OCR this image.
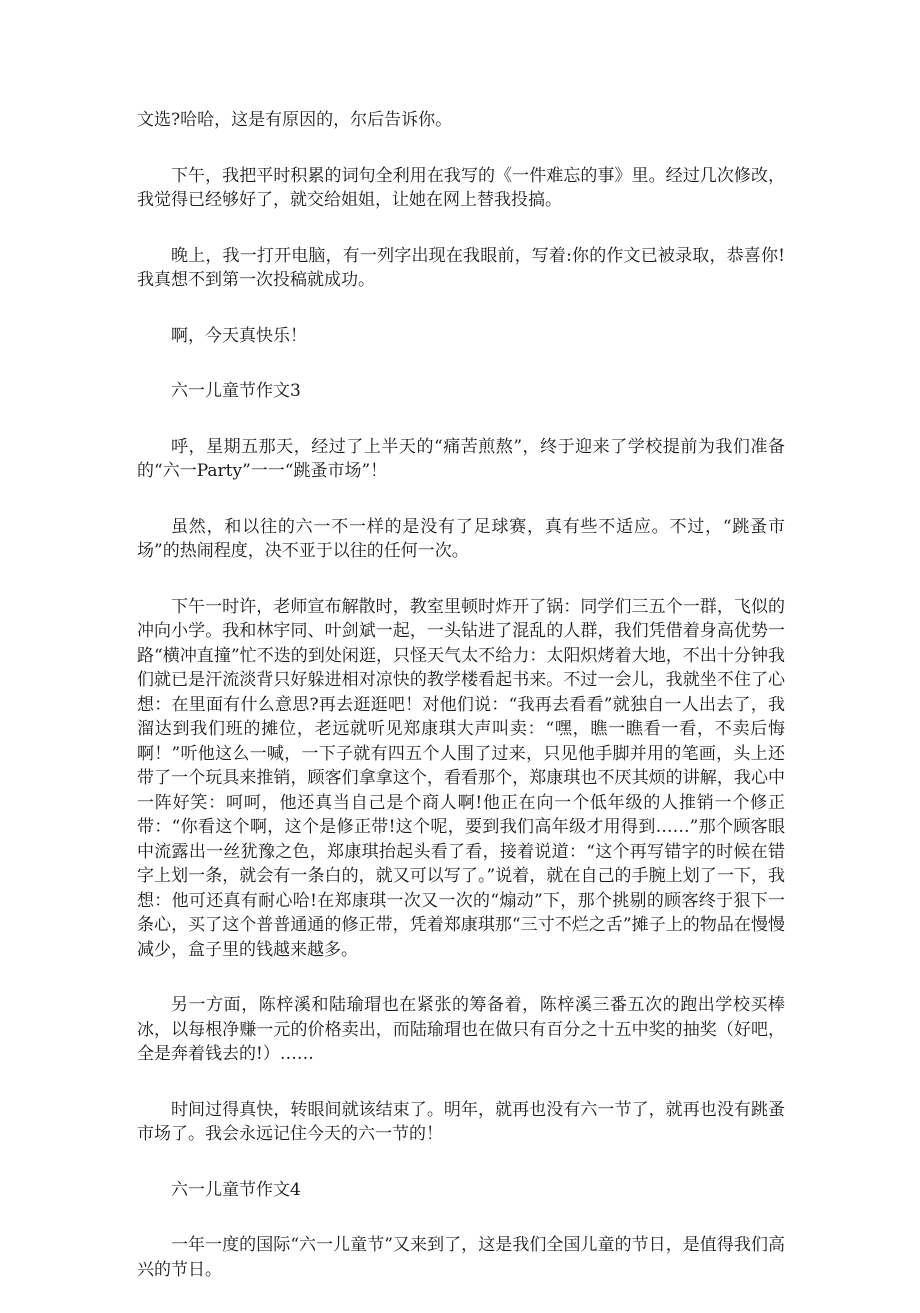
文选?哈哈，这是有原因的，尔后告诉你。

下午，我把平时积累的词句全利用在我写的《一件难忘的事》里。经过几次修改，我觉得已经够好了，就交给姐姐，让她在网上替我投搞。

晚上，我一打开电脑，有一列字出现在我眼前，写着:你的作文已被录取，恭喜你!我真想不到第一次投稿就成功。

啊，今天真快乐！

六一儿童节作文3

呼，星期五那天，经过了上半天的“痛苦煎熬”，终于迎来了学校提前为我们准备的“六一Party”一一“跳蚤市场”！

虽然，和以往的六一不一样的是没有了足球赛，真有些不适应。不过，“跳蚤市场”的热闹程度，决不亚于以往的任何一次。

下午一时许，老师宣布解散时，教室里顿时炸开了锅：同学们三五个一群，飞似的冲向小学。我和林宇同、叶剑斌一起，一头钻进了混乱的人群，我们凭借着身高优势一路“横冲直撞”忙不迭的到处闲逛，只怪天气太不给力：太阳炽烤着大地，不出十分钟我们就已是汗流淡背只好躲进相对凉快的教学楼看起书来。不过一会儿，我就坐不住了心想：在里面有什么意思?再去逛逛吧！对他们说：“我再去看看”就独自一人出去了，我溜达到我们班的摊位，老远就听见郑康琪大声叫卖：“嘿，瞧一瞧看一看，不卖后悔啊！”听他这么一喊，一下子就有四五个人围了过来，只见他手脚并用的笔画，头上还带了一个玩具来推销，顾客们拿拿这个，看看那个，郑康琪也不厌其烦的讲解，我心中一阵好笑：呵呵，他还真当自己是个商人啊!他正在向一个低年级的人推销一个修正带：“你看这个啊，这个是修正带!这个呢，要到我们高年级才用得到……”那个顾客眼中流露出一丝犹豫之色，郑康琪抬起头看了看，接着说道：“这个再写错字的时候在错字上划一条，就会有一条白的，就又可以写了。”说着，就在自己的手腕上划了一下，我想：他可还真有耐心哈!在郑康琪一次又一次的“煽动”下，那个挑剔的顾客终于狠下一条心，买了这个普普通通的修正带，凭着郑康琪那“三寸不烂之舌”摊子上的物品在慢慢减少，盒子里的钱越来越多。

另一方面，陈梓溪和陆瑜瑁也在紧张的筹备着，陈梓溪三番五次的跑出学校买棒冰，以每根净赚一元的价格卖出，而陆瑜瑁也在做只有百分之十五中奖的抽奖（好吧，全是奔着钱去的!）……

时间过得真快，转眼间就该结束了。明年，就再也没有六一节了，就再也没有跳蚤市场了。我会永远记住今天的六一节的！

六一儿童节作文4

一年一度的国际“六一儿童节”又来到了，这是我们全国儿童的节日，是值得我们高兴的节日。
